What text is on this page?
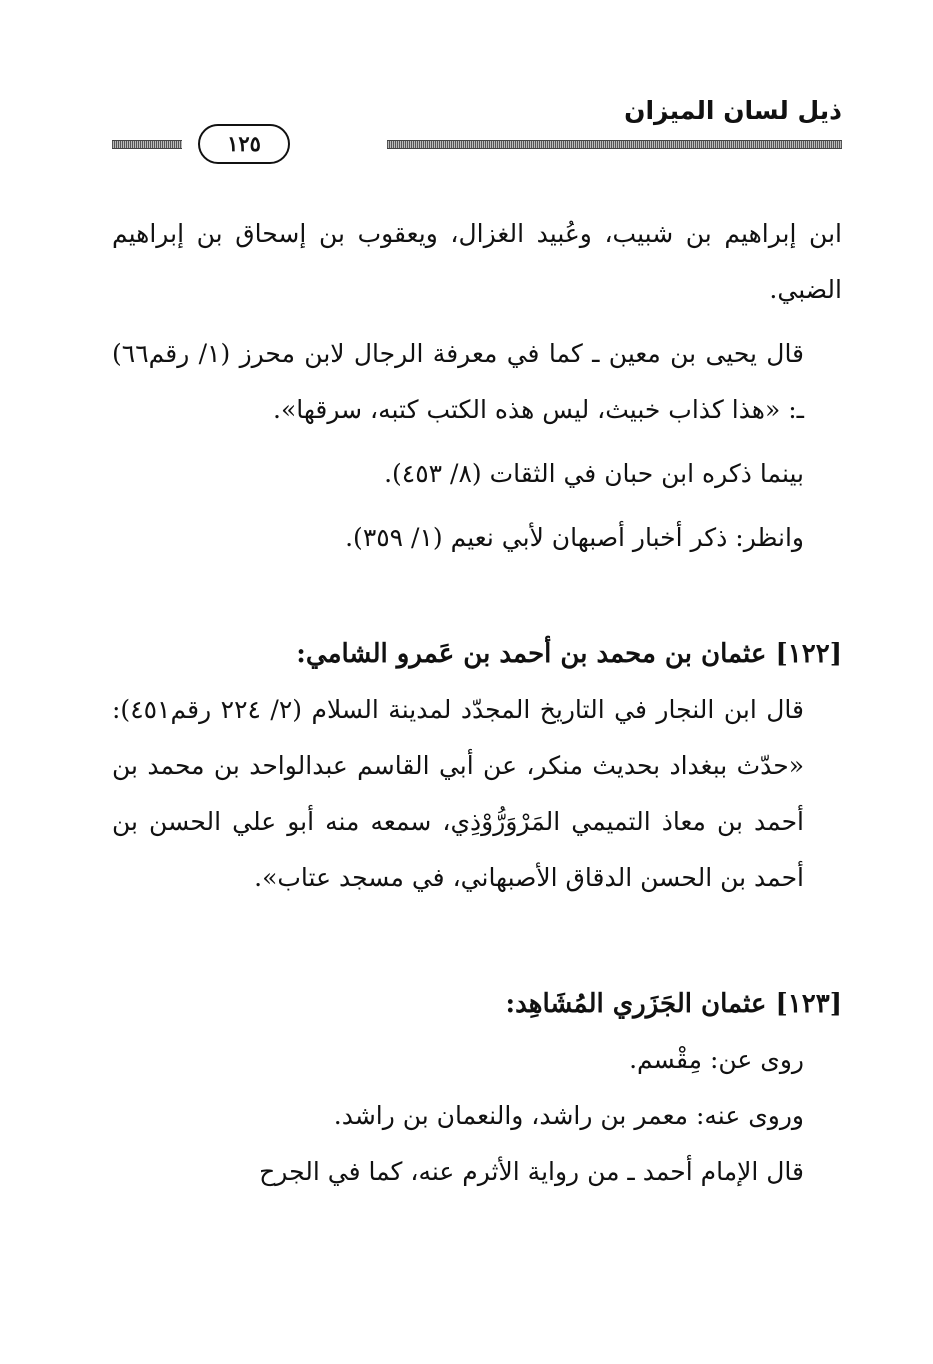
ذيل لسان الميزان
١٢٥

ابن إبراهيم بن شبيب، وعُبيد الغزال، ويعقوب بن إسحاق بن إبراهيم الضبي.

قال يحيى بن معين ـ كما في معرفة الرجال لابن محرز (١/ رقم٦٦) ـ: «هذا كذاب خبيث، ليس هذه الكتب كتبه، سرقها».

بينما ذكره ابن حبان في الثقات (٨/ ٤٥٣).

وانظر: ذكر أخبار أصبهان لأبي نعيم (١/ ٣٥٩).

[١٢٢] عثمان بن محمد بن أحمد بن عَمرو الشامي:

قال ابن النجار في التاريخ المجدّد لمدينة السلام (٢/ ٢٢٤ رقم٤٥١): «حدّث ببغداد بحديث منكر، عن أبي القاسم عبدالواحد بن محمد بن أحمد بن معاذ التميمي المَرْوَرُّوْذِي، سمعه منه أبو علي الحسن بن أحمد بن الحسن الدقاق الأصبهاني، في مسجد عتاب».

[١٢٣] عثمان الجَزَري المُشَاهِد:

روى عن: مِقْسم.

وروى عنه: معمر بن راشد، والنعمان بن راشد.

قال الإمام أحمد ـ من رواية الأثرم عنه، كما في الجرح
